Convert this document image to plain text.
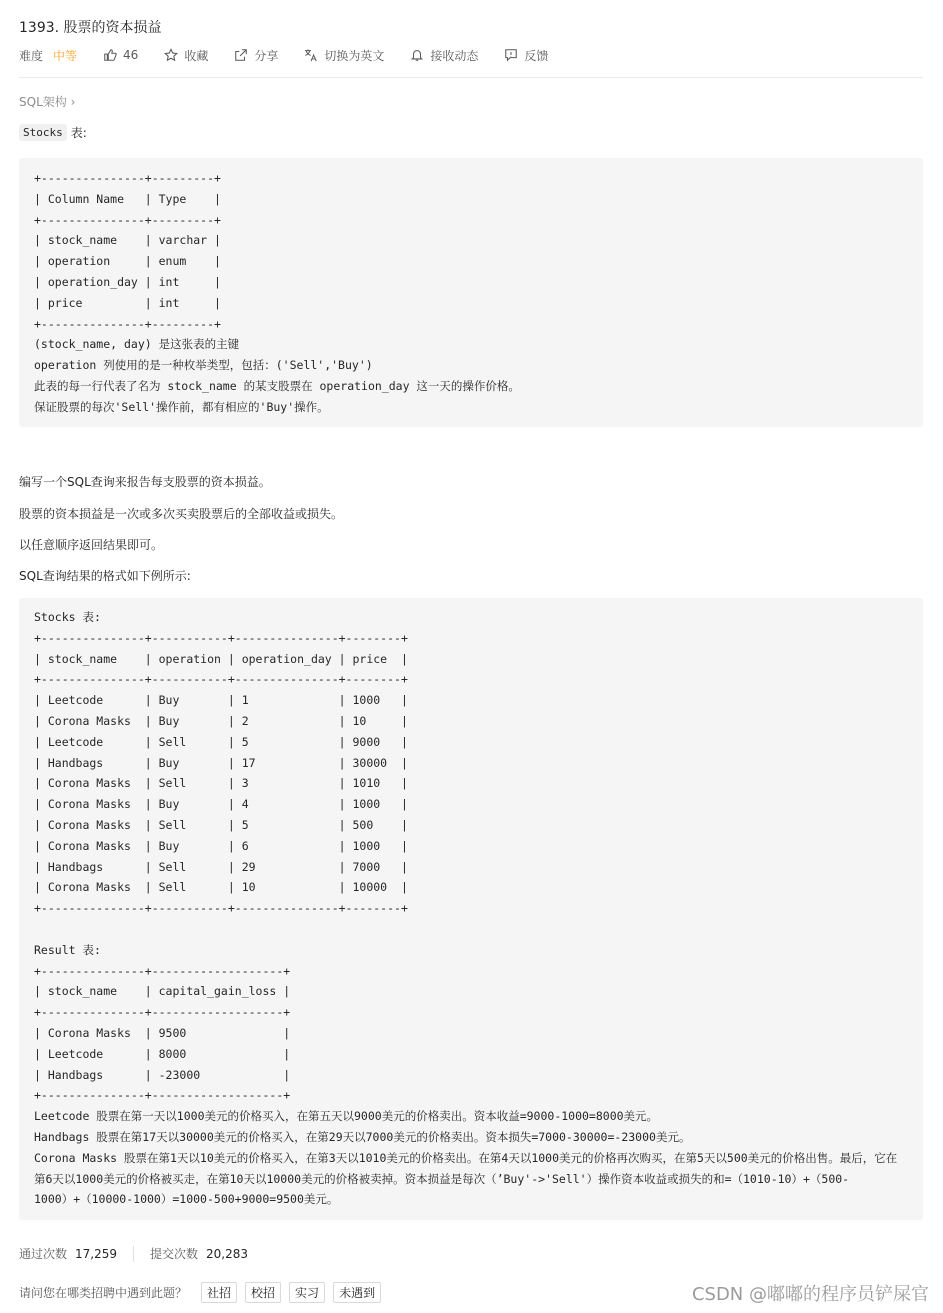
1393. 股票的资本损益
难度 中等	46	收藏	分享	切换为英文	接收动态	反馈
SQL架构 ›
Stocks 表:
+---------------+---------+
| Column Name   | Type    |
+---------------+---------+
| stock_name    | varchar |
| operation     | enum    |
| operation_day | int     |
| price         | int     |
+---------------+---------+
(stock_name, day) 是这张表的主键
operation 列使用的是一种枚举类型，包括：('Sell','Buy')
此表的每一行代表了名为 stock_name 的某支股票在 operation_day 这一天的操作价格。
保证股票的每次'Sell'操作前，都有相应的'Buy'操作。
编写一个SQL查询来报告每支股票的资本损益。
股票的资本损益是一次或多次买卖股票后的全部收益或损失。
以任意顺序返回结果即可。
SQL查询结果的格式如下例所示:
Stocks 表:
+---------------+-----------+---------------+--------+
| stock_name    | operation | operation_day | price  |
+---------------+-----------+---------------+--------+
| Leetcode      | Buy       | 1             | 1000   |
| Corona Masks  | Buy       | 2             | 10     |
| Leetcode      | Sell      | 5             | 9000   |
| Handbags      | Buy       | 17            | 30000  |
| Corona Masks  | Sell      | 3             | 1010   |
| Corona Masks  | Buy       | 4             | 1000   |
| Corona Masks  | Sell      | 5             | 500    |
| Corona Masks  | Buy       | 6             | 1000   |
| Handbags      | Sell      | 29            | 7000   |
| Corona Masks  | Sell      | 10            | 10000  |
+---------------+-----------+---------------+--------+

Result 表:
+---------------+-------------------+
| stock_name    | capital_gain_loss |
+---------------+-------------------+
| Corona Masks  | 9500              |
| Leetcode      | 8000              |
| Handbags      | -23000            |
+---------------+-------------------+
Leetcode 股票在第一天以1000美元的价格买入，在第五天以9000美元的价格卖出。资本收益=9000-1000=8000美元。
Handbags 股票在第17天以30000美元的价格买入，在第29天以7000美元的价格卖出。资本损失=7000-30000=-23000美元。
Corona Masks 股票在第1天以10美元的价格买入，在第3天以1010美元的价格卖出。在第4天以1000美元的价格再次购买，在第5天以500美元的价格出售。最后，它在第6天以1000美元的价格被买走，在第10天以10000美元的价格被卖掉。资本损益是每次（’Buy'->'Sell'）操作资本收益或损失的和=（1010-10）+（500-1000）+（10000-1000）=1000-500+9000=9500美元。
通过次数 17,259	提交次数 20,283
请问您在哪类招聘中遇到此题？	社招	校招	实习	未遇到	CSDN @嘟嘟的程序员铲屎官
